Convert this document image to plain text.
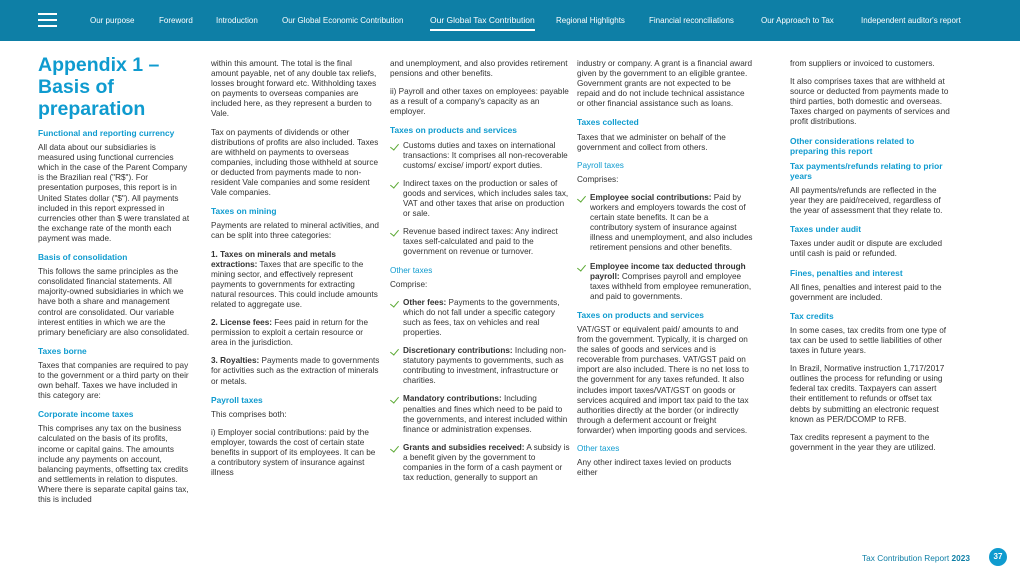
Our purpose	Foreword	Introduction	Our Global Economic Contribution	Our Global Tax Contribution	Regional Highlights	Financial reconciliations	Our Approach to Tax	Independent auditor's report
Appendix 1 – Basis of preparation
Functional and reporting currency

All data about our subsidiaries is measured using functional currencies which in the case of the Parent Company is the Brazilian real ("R$"). For presentation purposes, this report is in United States dollar ("$"). All payments included in this report expressed in currencies other than $ were translated at the exchange rate of the month each payment was made.

Basis of consolidation

This follows the same principles as the consolidated financial statements. All majority-owned subsidiaries in which we have both a share and management control are consolidated. Our variable interest entities in which we are the primary beneficiary are also consolidated.

Taxes borne

Taxes that companies are required to pay to the government or a third party on their own behalf. Taxes we have included in this category are:

Corporate income taxes

This comprises any tax on the business calculated on the basis of its profits, income or capital gains. The amounts include any payments on account, balancing payments, offsetting tax credits and settlements in relation to disputes. Where there is separate capital gains tax, this is included

within this amount. The total is the final amount payable, net of any double tax reliefs, losses brought forward etc. Withholding taxes on payments to overseas companies are included here, as they represent a burden to Vale.

Tax on payments of dividends or other distributions of profits are also included. Taxes are withheld on payments to overseas companies, including those withheld at source or deducted from payments made to non-resident Vale companies and some resident Vale companies.

Taxes on mining

Payments are related to mineral activities, and can be split into three categories:

1. Taxes on minerals and metals extractions: Taxes that are specific to the mining sector, and effectively represent payments to governments for extracting natural resources. This could include amounts related to aggregate use.

2. License fees: Fees paid in return for the permission to exploit a certain resource or area in the jurisdiction.

3. Royalties: Payments made to governments for activities such as the extraction of minerals or metals.

Payroll taxes

This comprises both:

i) Employer social contributions: paid by the employer, towards the cost of certain state benefits in support of its employees. It can be a contributory system of insurance against illness

and unemployment, and also provides retirement pensions and other benefits.

ii) Payroll and other taxes on employees: payable as a result of a company's capacity as an employer.

Taxes on products and services

Customs duties and taxes on international transactions: It comprises all non-recoverable customs/ excise/ import/ export duties.

Indirect taxes on the production or sales of goods and services, which includes sales tax, VAT and other taxes that arise on production or sale.

Revenue based indirect taxes: Any indirect taxes self-calculated and paid to the government on revenue or turnover.

Other taxes

Comprise:

Other fees: Payments to the governments, which do not fall under a specific category such as fees, tax on vehicles and real properties.

Discretionary contributions: Including non-statutory payments to governments, such as contributing to investment, infrastructure or charities.

Mandatory contributions: Including penalties and fines which need to be paid to the governments, and interest included within finance or administration expenses.

Grants and subsidies received: A subsidy is a benefit given by the government to companies in the form of a cash payment or tax reduction, generally to support an

industry or company. A grant is a financial award given by the government to an eligible grantee. Government grants are not expected to be repaid and do not include technical assistance or other financial assistance such as loans.

Taxes collected

Taxes that we administer on behalf of the government and collect from others.

Payroll taxes

Comprises:

Employee social contributions: Paid by workers and employers towards the cost of certain state benefits. It can be a contributory system of insurance against illness and unemployment, and also includes retirement pensions and other benefits.

Employee income tax deducted through payroll: Comprises payroll and employee taxes withheld from employee remuneration, and paid to governments.

Taxes on products and services

VAT/GST or equivalent paid/ amounts to and from the government. Typically, it is charged on the sales of goods and services and is recoverable from purchases. VAT/GST paid on import are also included. There is no net loss to the government for any taxes refunded. It also includes import taxes/VAT/GST on goods or services acquired and import tax paid to the tax authorities directly at the border (or indirectly through a deferment account or freight forwarder) when importing goods and services.

Other taxes

Any other indirect taxes levied on products either

from suppliers or invoiced to customers.

It also comprises taxes that are withheld at source or deducted from payments made to third parties, both domestic and overseas. Taxes charged on payments of services and profit distributions.

Other considerations related to preparing this report
Tax payments/refunds relating to prior years

All payments/refunds are reflected in the year they are paid/received, regardless of the year of assessment that they relate to.

Taxes under audit

Taxes under audit or dispute are excluded until cash is paid or refunded.

Fines, penalties and interest

All fines, penalties and interest paid to the government are included.

Tax credits

In some cases, tax credits from one type of tax can be used to settle liabilities of other taxes in future years.

In Brazil, Normative instruction 1,717/2017 outlines the process for refunding or using federal tax credits. Taxpayers can assert their entitlement to refunds or offset tax debts by submitting an electronic request known as PER/DCOMP to RFB.

Tax credits represent a payment to the government in the year they are utilized.

Tax Contribution Report 2023	37
